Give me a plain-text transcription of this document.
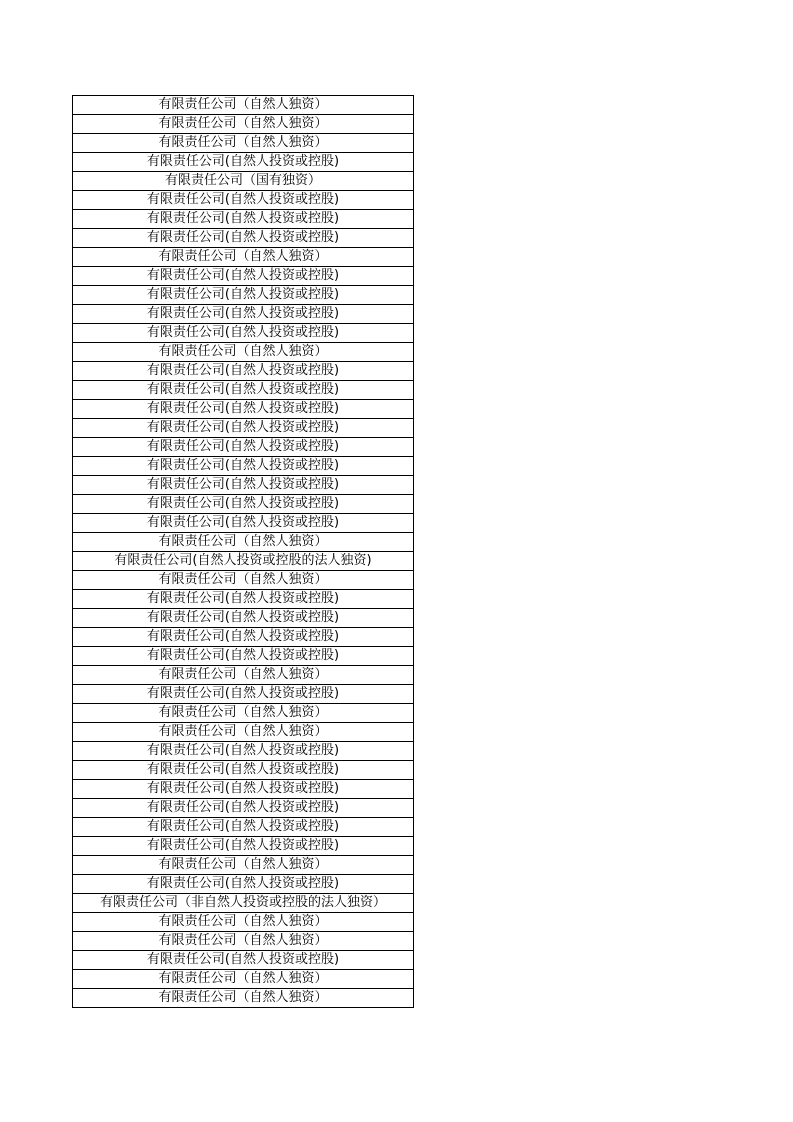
有限责任公司（自然人独资）
有限责任公司（自然人独资）
有限责任公司（自然人独资）
有限责任公司(自然人投资或控股)
有限责任公司（国有独资）
有限责任公司(自然人投资或控股)
有限责任公司(自然人投资或控股)
有限责任公司(自然人投资或控股)
有限责任公司（自然人独资）
有限责任公司(自然人投资或控股)
有限责任公司(自然人投资或控股)
有限责任公司(自然人投资或控股)
有限责任公司(自然人投资或控股)
有限责任公司（自然人独资）
有限责任公司(自然人投资或控股)
有限责任公司(自然人投资或控股)
有限责任公司(自然人投资或控股)
有限责任公司(自然人投资或控股)
有限责任公司(自然人投资或控股)
有限责任公司(自然人投资或控股)
有限责任公司(自然人投资或控股)
有限责任公司(自然人投资或控股)
有限责任公司(自然人投资或控股)
有限责任公司（自然人独资）
有限责任公司(自然人投资或控股的法人独资)
有限责任公司（自然人独资）
有限责任公司(自然人投资或控股)
有限责任公司(自然人投资或控股)
有限责任公司(自然人投资或控股)
有限责任公司(自然人投资或控股)
有限责任公司（自然人独资）
有限责任公司(自然人投资或控股)
有限责任公司（自然人独资）
有限责任公司（自然人独资）
有限责任公司(自然人投资或控股)
有限责任公司(自然人投资或控股)
有限责任公司(自然人投资或控股)
有限责任公司(自然人投资或控股)
有限责任公司(自然人投资或控股)
有限责任公司(自然人投资或控股)
有限责任公司（自然人独资）
有限责任公司(自然人投资或控股)
有限责任公司（非自然人投资或控股的法人独资）
有限责任公司（自然人独资）
有限责任公司（自然人独资）
有限责任公司(自然人投资或控股)
有限责任公司（自然人独资）
有限责任公司（自然人独资）
